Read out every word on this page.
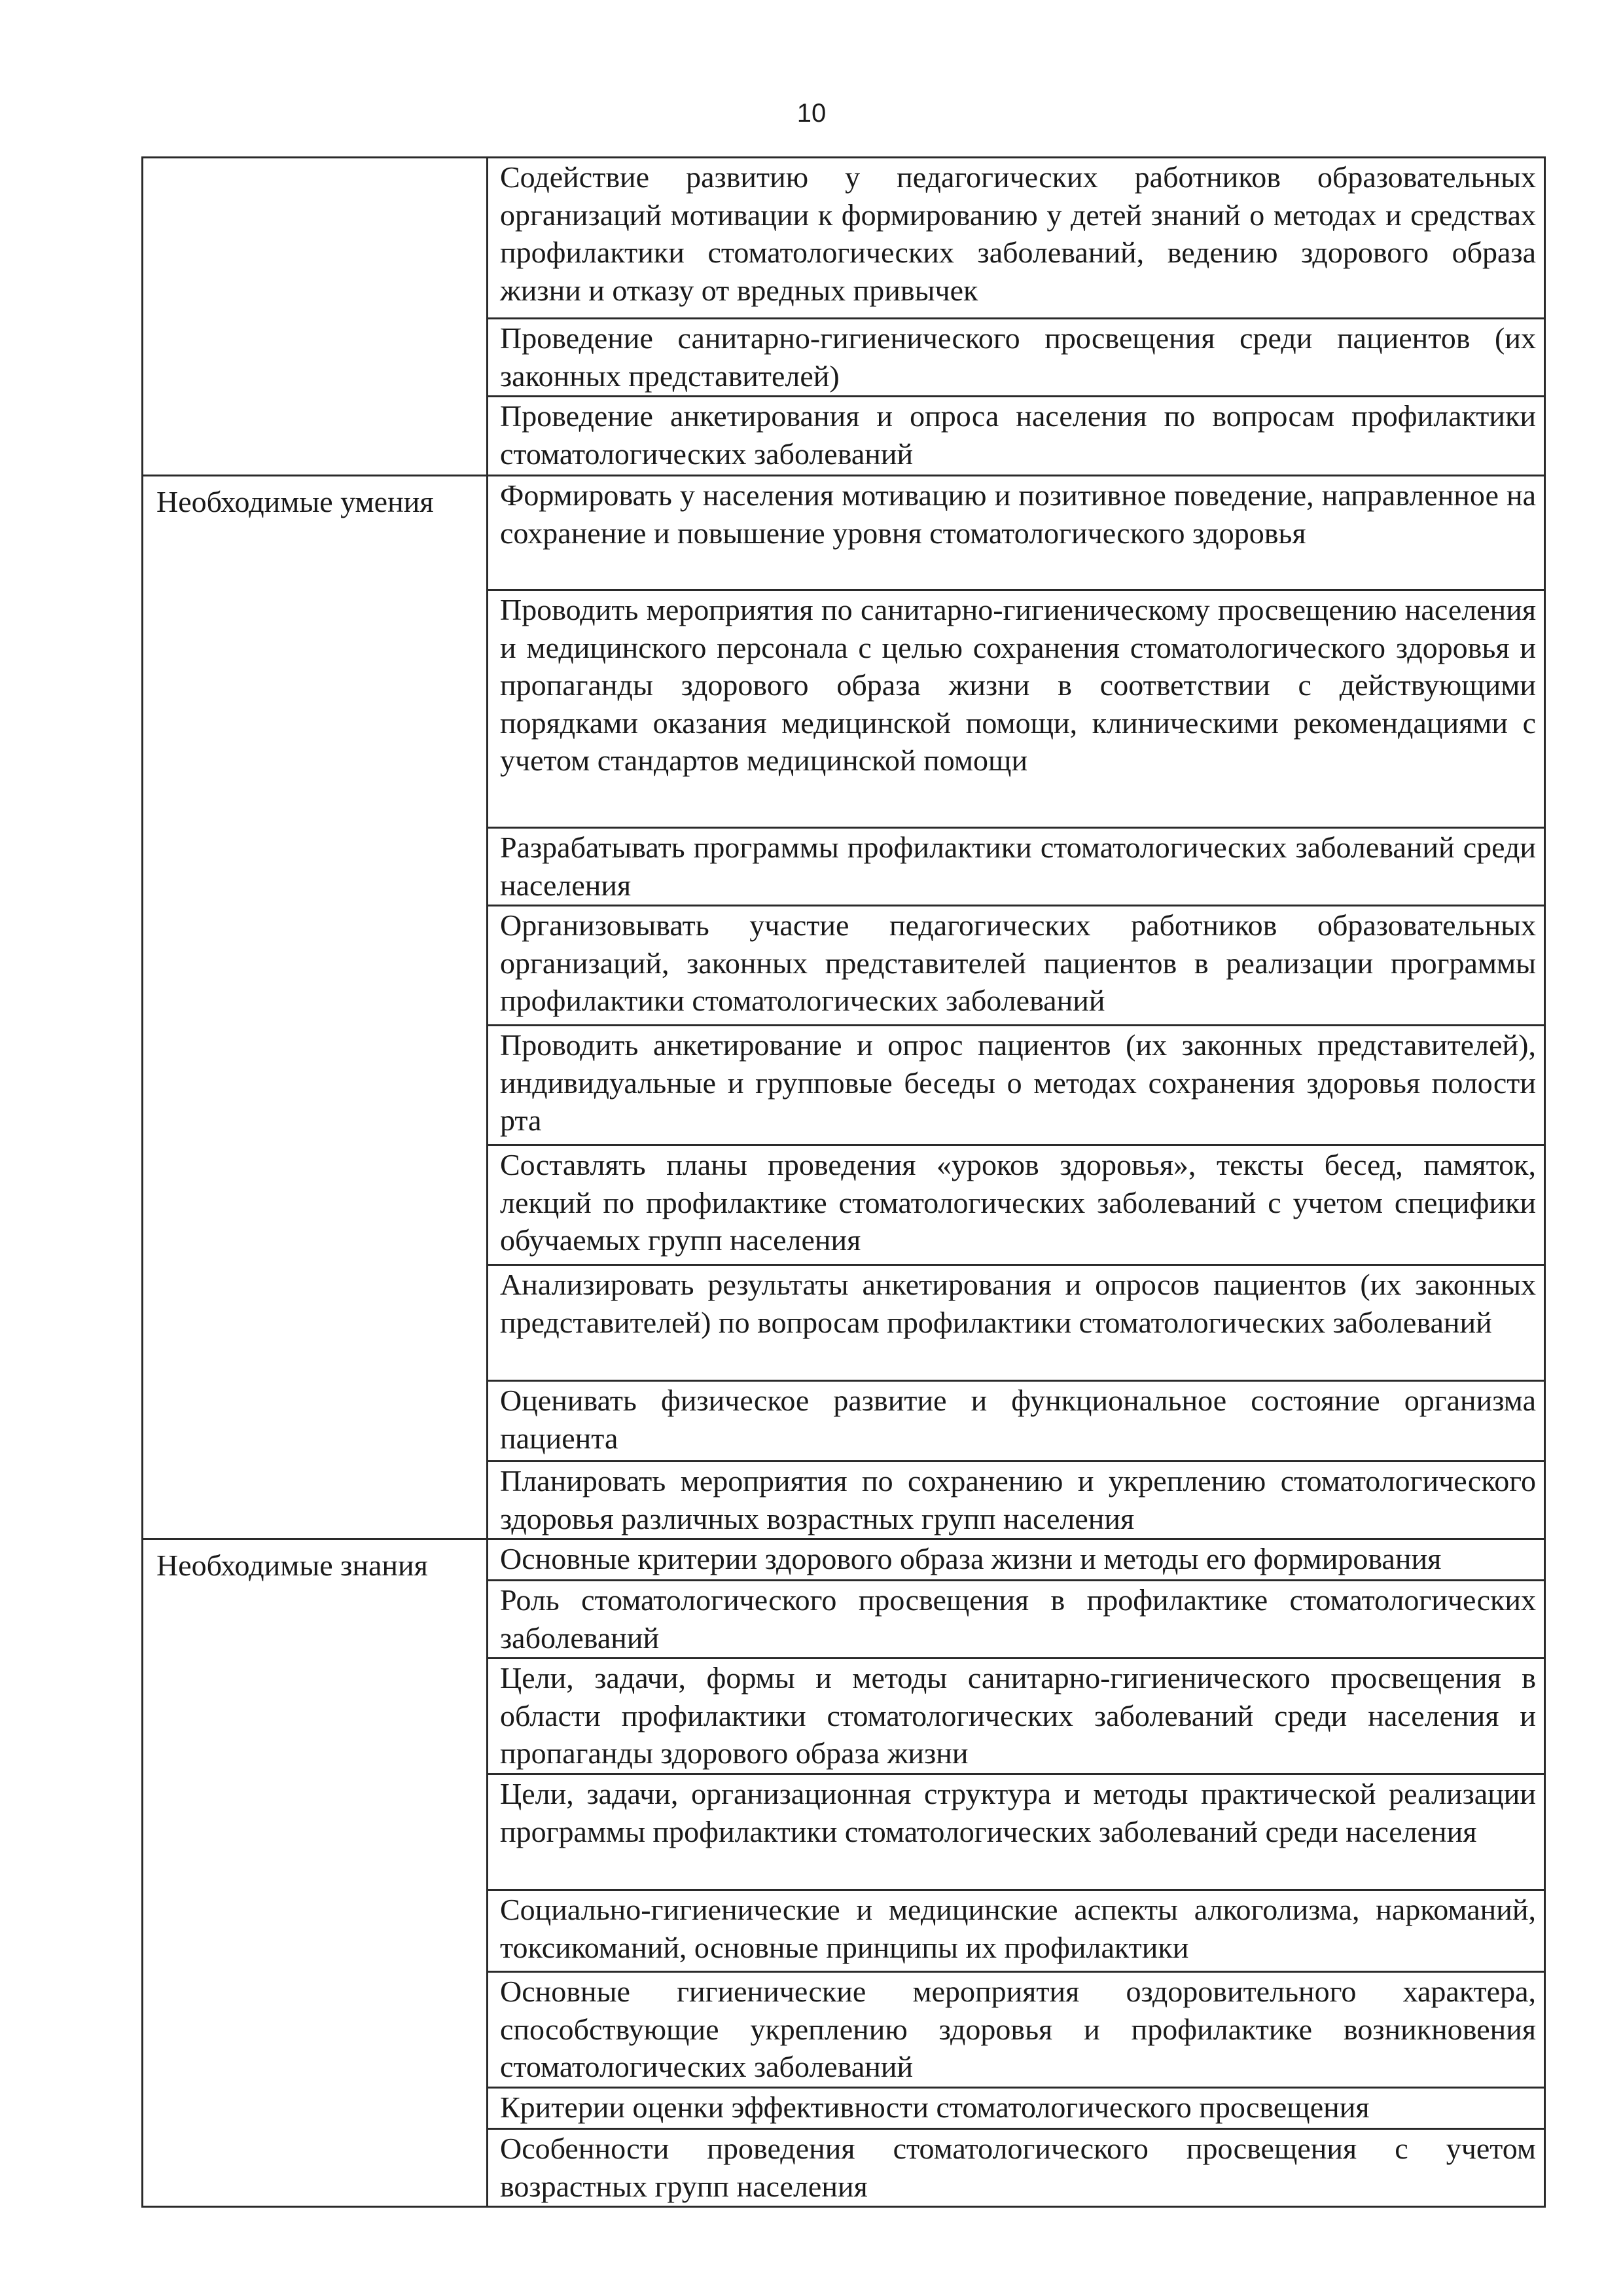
10
	Содействие развитию у педагогических работников образовательных организаций мотивации к формированию у детей знаний о методах и средствах профилактики стоматологических заболеваний, ведению здорового образа жизни и отказу от вредных привычек
	Проведение санитарно-гигиенического просвещения среди пациентов (их законных представителей)
	Проведение анкетирования и опроса населения по вопросам профилактики стоматологических заболеваний
Необходимые умения	Формировать у населения мотивацию и позитивное поведение, направленное на сохранение и повышение уровня стоматологического здоровья
	Проводить мероприятия по санитарно-гигиеническому просвещению населения и медицинского персонала с целью сохранения стоматологического здоровья и пропаганды здорового образа жизни в соответствии с действующими порядками оказания медицинской помощи, клиническими рекомендациями с учетом стандартов медицинской помощи
	Разрабатывать программы профилактики стоматологических заболеваний среди населения
	Организовывать участие педагогических работников образовательных организаций, законных представителей пациентов в реализации программы профилактики стоматологических заболеваний
	Проводить анкетирование и опрос пациентов (их законных представителей), индивидуальные и групповые беседы о методах сохранения здоровья полости рта
	Составлять планы проведения «уроков здоровья», тексты бесед, памяток, лекций по профилактике стоматологических заболеваний с учетом специфики обучаемых групп населения
	Анализировать результаты анкетирования и опросов пациентов (их законных представителей) по вопросам профилактики стоматологических заболеваний
	Оценивать физическое развитие и функциональное состояние организма пациента
	Планировать мероприятия по сохранению и укреплению стоматологического здоровья различных возрастных групп населения
Необходимые знания	Основные критерии здорового образа жизни и методы его формирования
	Роль стоматологического просвещения в профилактике стоматологических заболеваний
	Цели, задачи, формы и методы санитарно-гигиенического просвещения в области профилактики стоматологических заболеваний среди населения и пропаганды здорового образа жизни
	Цели, задачи, организационная структура и методы практической реализации программы профилактики стоматологических заболеваний среди населения
	Социально-гигиенические и медицинские аспекты алкоголизма, наркоманий, токсикоманий, основные принципы их профилактики
	Основные гигиенические мероприятия оздоровительного характера, способствующие укреплению здоровья и профилактике возникновения стоматологических заболеваний
	Критерии оценки эффективности стоматологического просвещения
	Особенности проведения стоматологического просвещения с учетом возрастных групп населения
